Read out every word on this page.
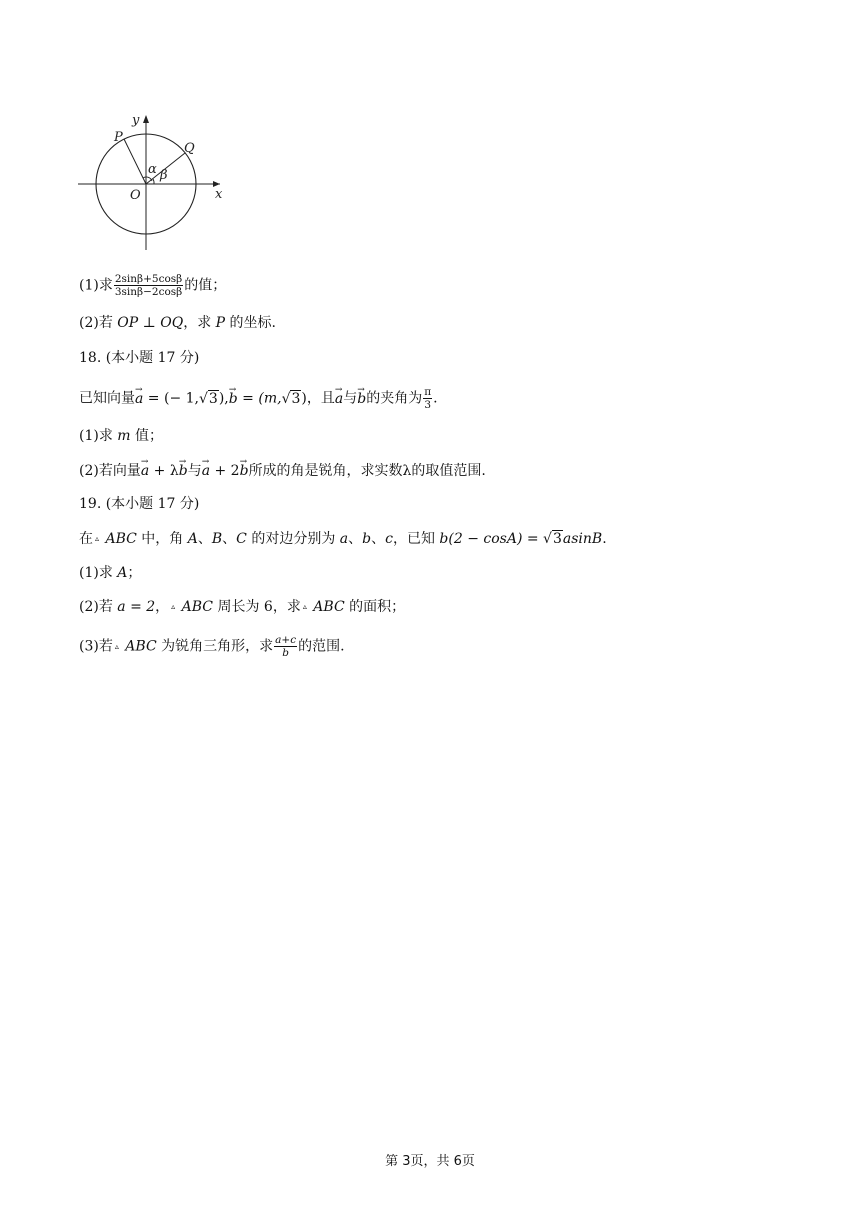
y
x
P
Q
O
α β
(1)求 $\frac{2\sin\beta+5\cos\beta}{3\sin\beta-2\cos\beta}$ 的值；
(2)若 OP ⊥ OQ，求 P 的坐标.
18. (本小题 17 分)
已知向量a → = (− 1,√3),b → = (m,√3)，且a →与b →的夹角为 $\frac{\pi}{3}$ .
(1)求 m 值；
(2)若向量a → + λb →与a → + 2b →所成的角是锐角，求实数λ的取值范围.
19. (本小题 17 分)
在 ▵ ABC 中，角 A、B、C 的对边分别为 a、b、c，已知 b(2 − cosA) = √3asinB.
(1)求 A；
(2)若 a = 2， ▵ ABC 周长为 6，求 ▵ ABC 的面积；
(3)若 ▵ ABC 为锐角三角形，求 $\frac{a+c}{b}$ 的范围.
第 3页，共 6页
